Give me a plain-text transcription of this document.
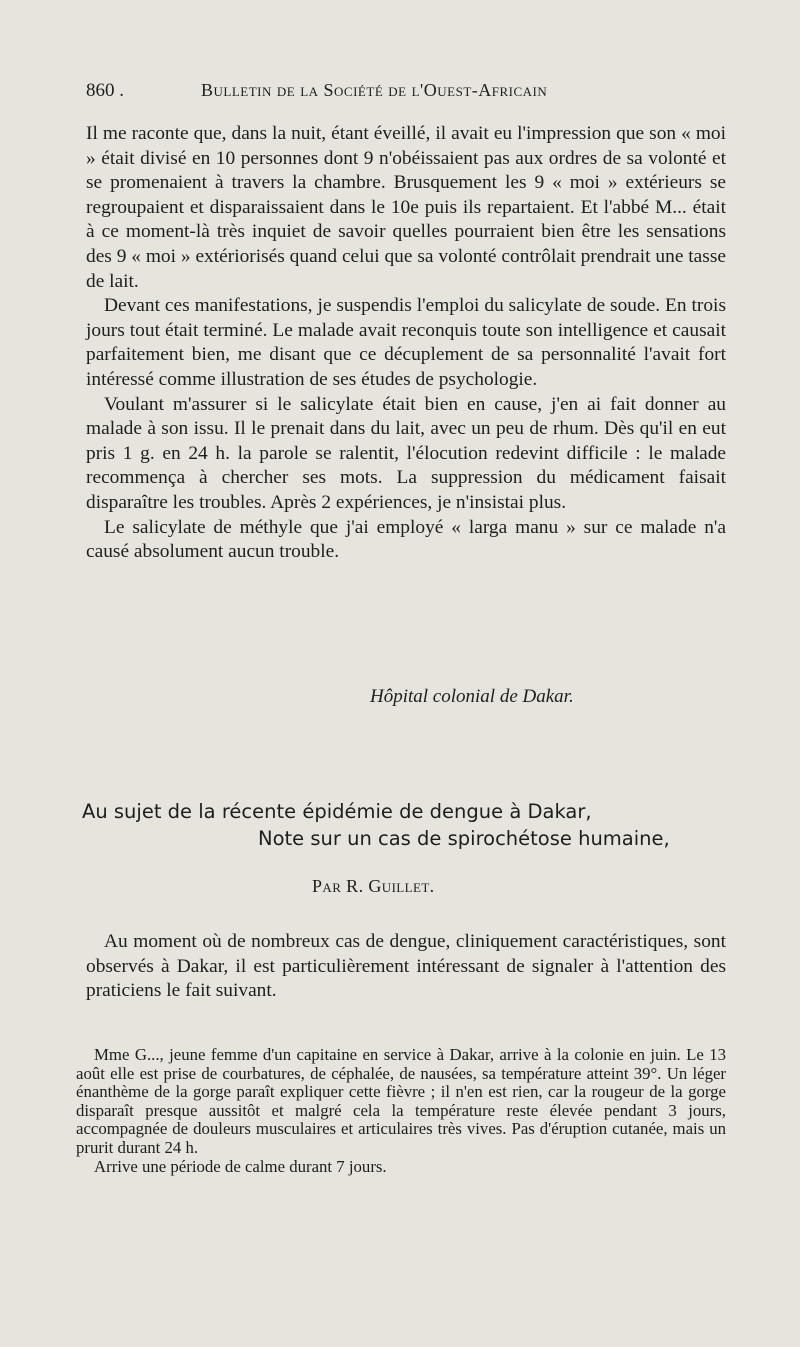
860 .	Bulletin de la Société de l'Ouest-Africain

Il me raconte que, dans la nuit, étant éveillé, il avait eu l'impression que son « moi » était divisé en 10 personnes dont 9 n'obéissaient pas aux ordres de sa volonté et se promenaient à travers la chambre. Brusquement les 9 « moi » extérieurs se regroupaient et disparaissaient dans le 10e puis ils repartaient. Et l'abbé M... était à ce moment-là très inquiet de savoir quelles pourraient bien être les sensations des 9 « moi » extériorisés quand celui que sa volonté contrôlait prendrait une tasse de lait.

Devant ces manifestations, je suspendis l'emploi du salicylate de soude. En trois jours tout était terminé. Le malade avait reconquis toute son intelligence et causait parfaitement bien, me disant que ce décuplement de sa personnalité l'avait fort intéressé comme illustration de ses études de psychologie.

Voulant m'assurer si le salicylate était bien en cause, j'en ai fait donner au malade à son issu. Il le prenait dans du lait, avec un peu de rhum. Dès qu'il en eut pris 1 g. en 24 h. la parole se ralentit, l'élocution redevint difficile : le malade recommença à chercher ses mots. La suppression du médicament faisait disparaître les troubles. Après 2 expériences, je n'insistai plus.

Le salicylate de méthyle que j'ai employé « larga manu » sur ce malade n'a causé absolument aucun trouble.

Hôpital colonial de Dakar.
Au sujet de la récente épidémie de dengue à Dakar,
Note sur un cas de spirochétose humaine,
Par R. Guillet.

Au moment où de nombreux cas de dengue, cliniquement caractéristiques, sont observés à Dakar, il est particulièrement intéressant de signaler à l'attention des praticiens le fait suivant.

Mme G..., jeune femme d'un capitaine en service à Dakar, arrive à la colonie en juin. Le 13 août elle est prise de courbatures, de céphalée, de nausées, sa température atteint 39°. Un léger énanthème de la gorge paraît expliquer cette fièvre ; il n'en est rien, car la rougeur de la gorge disparaît presque aussitôt et malgré cela la température reste élevée pendant 3 jours, accompagnée de douleurs musculaires et articulaires très vives. Pas d'éruption cutanée, mais un prurit durant 24 h.

Arrive une période de calme durant 7 jours.
